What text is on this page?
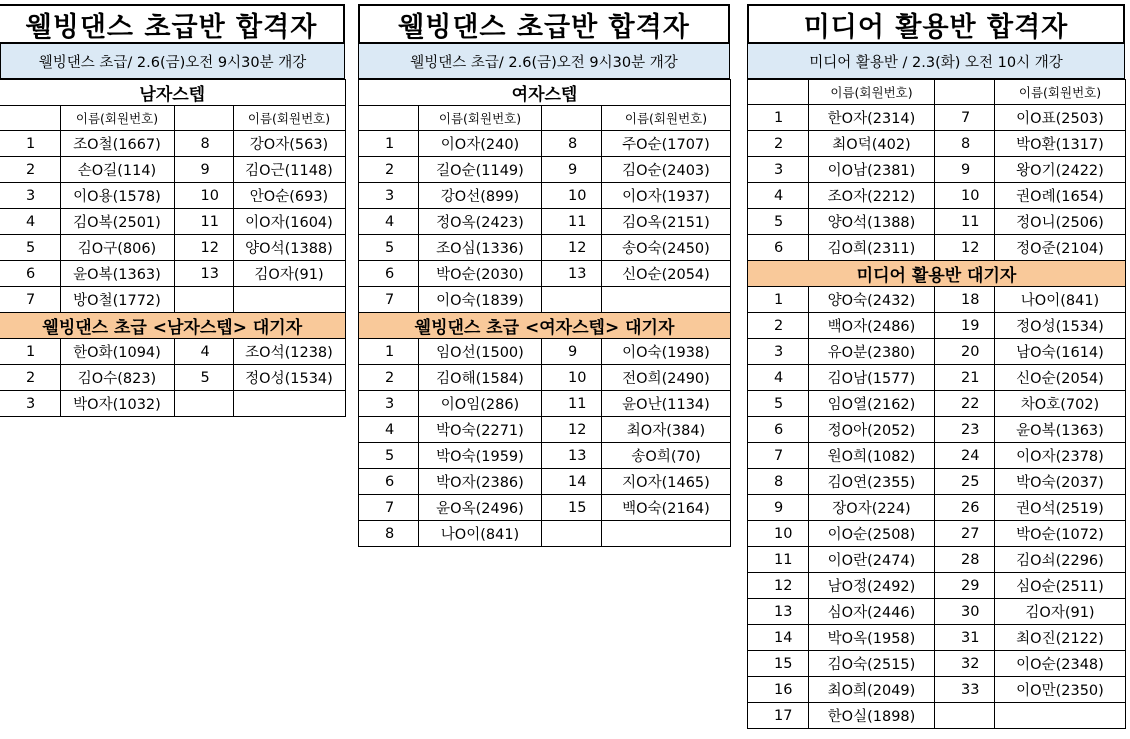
웰빙댄스 초급반 합격자
웰빙댄스 초급/ 2.6(금)오전 9시30분 개강
남자스텝			
	이름(회원번호)		이름(회원번호)
1	조O철(1667)	8	강O자(563)
2	손O길(114)	9	김O근(1148)
3	이O용(1578)	10	안O순(693)
4	김O복(2501)	11	이O자(1604)
5	김O구(806)	12	양O석(1388)
6	윤O복(1363)	13	김O자(91)
7	방O철(1772)		
웰빙댄스 초급 <남자스텝> 대기자			
1	한O화(1094)	4	조O석(1238)
2	김O수(823)	5	정O성(1534)
3	박O자(1032)		
웰빙댄스 초급반 합격자
웰빙댄스 초급/ 2.6(금)오전 9시30분 개강
여자스텝			
	이름(회원번호)		이름(회원번호)
1	이O자(240)	8	주O순(1707)
2	길O순(1149)	9	김O순(2403)
3	강O선(899)	10	이O자(1937)
4	정O옥(2423)	11	김O옥(2151)
5	조O심(1336)	12	송O숙(2450)
6	박O순(2030)	13	신O순(2054)
7	이O숙(1839)		
웰빙댄스 초급 <여자스텝> 대기자			
1	임O선(1500)	9	이O숙(1938)
2	김O해(1584)	10	전O희(2490)
3	이O임(286)	11	윤O난(1134)
4	박O숙(2271)	12	최O자(384)
5	박O숙(1959)	13	송O희(70)
6	박O자(2386)	14	지O자(1465)
7	윤O옥(2496)	15	백O숙(2164)
8	나O이(841)		
미디어 활용반 합격자
미디어 활용반 / 2.3(화) 오전 10시 개강
	이름(회원번호)		이름(회원번호)
1	한O자(2314)	7	이O표(2503)
2	최O덕(402)	8	박O환(1317)
3	이O남(2381)	9	왕O기(2422)
4	조O자(2212)	10	권O례(1654)
5	양O석(1388)	11	정O니(2506)
6	김O희(2311)	12	정O준(2104)
미디어 활용반 대기자			
1	양O숙(2432)	18	나O이(841)
2	백O자(2486)	19	정O성(1534)
3	유O분(2380)	20	남O숙(1614)
4	김O남(1577)	21	신O순(2054)
5	임O열(2162)	22	차O호(702)
6	정O아(2052)	23	윤O복(1363)
7	원O희(1082)	24	이O자(2378)
8	김O연(2355)	25	박O숙(2037)
9	장O자(224)	26	권O석(2519)
10	이O순(2508)	27	박O순(1072)
11	이O란(2474)	28	김O쇠(2296)
12	남O정(2492)	29	심O순(2511)
13	심O자(2446)	30	김O자(91)
14	박O옥(1958)	31	최O진(2122)
15	김O숙(2515)	32	이O순(2348)
16	최O희(2049)	33	이O만(2350)
17	한O실(1898)		
